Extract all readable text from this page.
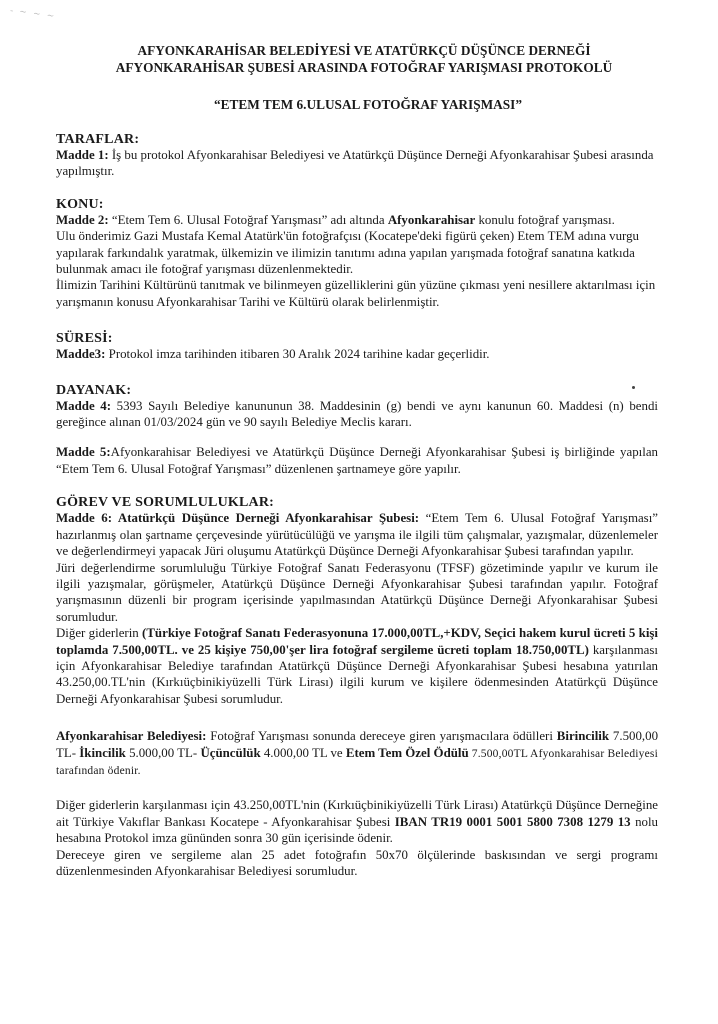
- ∼ ∼ ∼
AFYONKARAHİSAR BELEDİYESİ VE ATATÜRKÇÜ DÜŞÜNCE DERNEĞİ
AFYONKARAHİSAR ŞUBESİ ARASINDA FOTOĞRAF YARIŞMASI PROTOKOLÜ
“ETEM TEM 6.ULUSAL FOTOĞRAF YARIŞMASI”
TARAFLAR:

Madde 1: İş bu protokol Afyonkarahisar Belediyesi ve Atatürkçü Düşünce Derneği Afyonkarahisar Şubesi arasında yapılmıştır.

KONU:

Madde 2: “Etem Tem 6. Ulusal Fotoğraf Yarışması” adı altında Afyonkarahisar konulu fotoğraf yarışması.

Ulu önderimiz Gazi Mustafa Kemal Atatürk'ün fotoğrafçısı (Kocatepe'deki figürü çeken) Etem TEM adına vurgu yapılarak farkındalık yaratmak, ülkemizin ve ilimizin tanıtımı adına yapılan yarışmada fotoğraf sanatına katkıda bulunmak amacı ile fotoğraf yarışması düzenlenmektedir.

İlimizin Tarihini Kültürünü tanıtmak ve bilinmeyen güzelliklerini gün yüzüne çıkması yeni nesillere aktarılması için yarışmanın konusu Afyonkarahisar Tarihi ve Kültürü olarak belirlenmiştir.

SÜRESİ:

Madde3: Protokol imza tarihinden itibaren 30 Aralık 2024 tarihine kadar geçerlidir.

DAYANAK:

Madde 4: 5393 Sayılı Belediye kanununun 38. Maddesinin (g) bendi ve aynı kanunun 60. Maddesi (n) bendi gereğince alınan 01/03/2024 gün ve 90 sayılı Belediye Meclis kararı.

Madde 5:Afyonkarahisar Belediyesi ve Atatürkçü Düşünce Derneği Afyonkarahisar Şubesi iş birliğinde yapılan “Etem Tem 6. Ulusal Fotoğraf Yarışması” düzenlenen şartnameye göre yapılır.

GÖREV VE SORUMLULUKLAR:

Madde 6: Atatürkçü Düşünce Derneği Afyonkarahisar Şubesi: “Etem Tem 6. Ulusal Fotoğraf Yarışması” hazırlanmış olan şartname çerçevesinde yürütücülüğü ve yarışma ile ilgili tüm çalışmalar, yazışmalar, düzenlemeler ve değerlendirmeyi yapacak Jüri oluşumu Atatürkçü Düşünce Derneği Afyonkarahisar Şubesi tarafından yapılır.

Jüri değerlendirme sorumluluğu Türkiye Fotoğraf Sanatı Federasyonu (TFSF) gözetiminde yapılır ve kurum ile ilgili yazışmalar, görüşmeler, Atatürkçü Düşünce Derneği Afyonkarahisar Şubesi tarafından yapılır. Fotoğraf yarışmasının düzenli bir program içerisinde yapılmasından Atatürkçü Düşünce Derneği Afyonkarahisar Şubesi sorumludur.

Diğer giderlerin (Türkiye Fotoğraf Sanatı Federasyonuna 17.000,00TL,+KDV, Seçici hakem kurul ücreti 5 kişi toplamda 7.500,00TL. ve 25 kişiye 750,00'şer lira fotoğraf sergileme ücreti toplam 18.750,00TL) karşılanması için Afyonkarahisar Belediye tarafından Atatürkçü Düşünce Derneği Afyonkarahisar Şubesi hesabına yatırılan 43.250,00.TL'nin (Kırkıüçbinikiyüzelli Türk Lirası) ilgili kurum ve kişilere ödenmesinden Atatürkçü Düşünce Derneği Afyonkarahisar Şubesi sorumludur.

Afyonkarahisar Belediyesi: Fotoğraf Yarışması sonunda dereceye giren yarışmacılara ödülleri Birincilik 7.500,00 TL- İkincilik 5.000,00 TL- Üçüncülük 4.000,00 TL ve Etem Tem Özel Ödülü 7.500,00TL Afyonkarahisar Belediyesi tarafından ödenir.

Diğer giderlerin karşılanması için 43.250,00TL'nin (Kırkıüçbinikiyüzelli Türk Lirası) Atatürkçü Düşünce Derneğine ait Türkiye Vakıflar Bankası Kocatepe - Afyonkarahisar Şubesi IBAN TR19 0001 5001 5800 7308 1279 13 nolu hesabına Protokol imza gününden sonra 30 gün içerisinde ödenir.

Dereceye giren ve sergileme alan 25 adet fotoğrafın 50x70 ölçülerinde baskısından ve sergi programı düzenlenmesinden Afyonkarahisar Belediyesi sorumludur.
